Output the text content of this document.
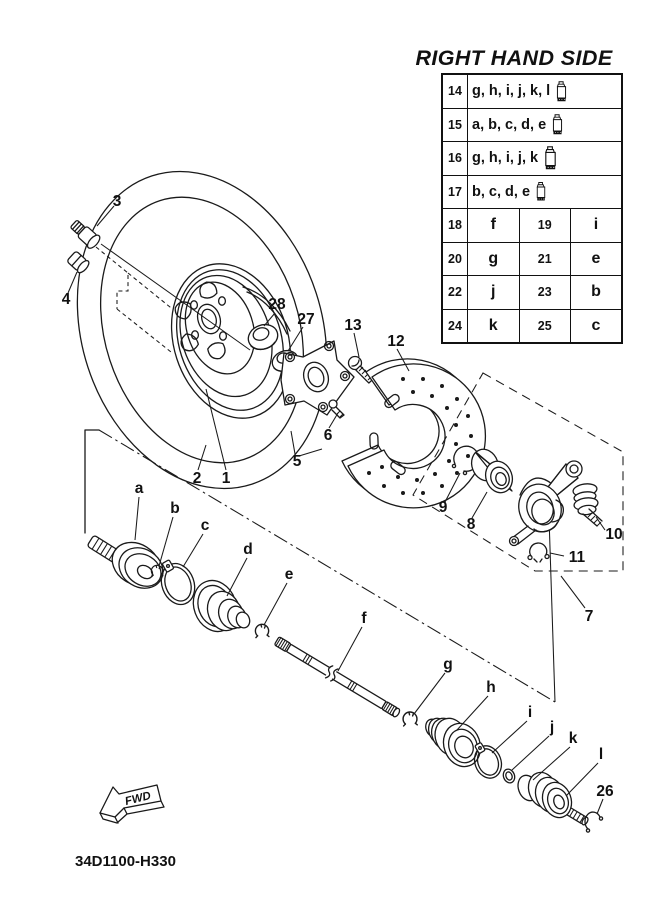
3
4	28
27 13
12
2 1
6
5
9
8
10
11
7
a
b
c
d
e
f
g
h
i
j
k
l
26
FWD
34D1100-H330
RIGHT HAND SIDE
14	g, h, i, j, k, l		

15	a, b, c, d, e		

16	g, h, i, j, k		

17	b, c, d, e		

18	f	19	i
20	g	21	e
22	j	23	b
24	k	25	c
